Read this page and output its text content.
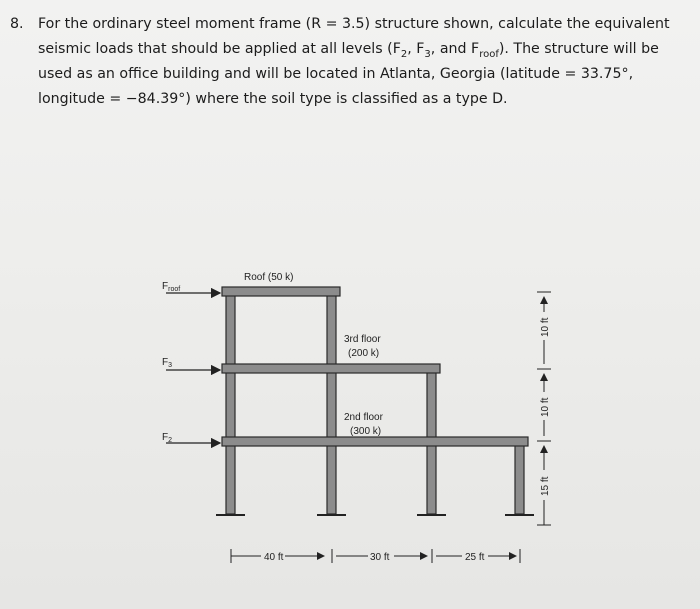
8. For the ordinary steel moment frame (R = 3.5) structure shown, calculate the equivalent
seismic loads that should be applied at all levels ($F_2$, $F_3$, and $F_{roof}$). The structure will be
used as an office building and will be located in Atlanta, Georgia (latitude = 33.75°,
longitude = −84.39°) where the soil type is classified as a type D.
$F_{roof}$
$F_3$
$F_2$
Roof (50 k)
3rd floor
(200 k)
2nd floor
(300 k)
40 ft	30 ft	25 ft
15 ft
10 ft
10 ft
